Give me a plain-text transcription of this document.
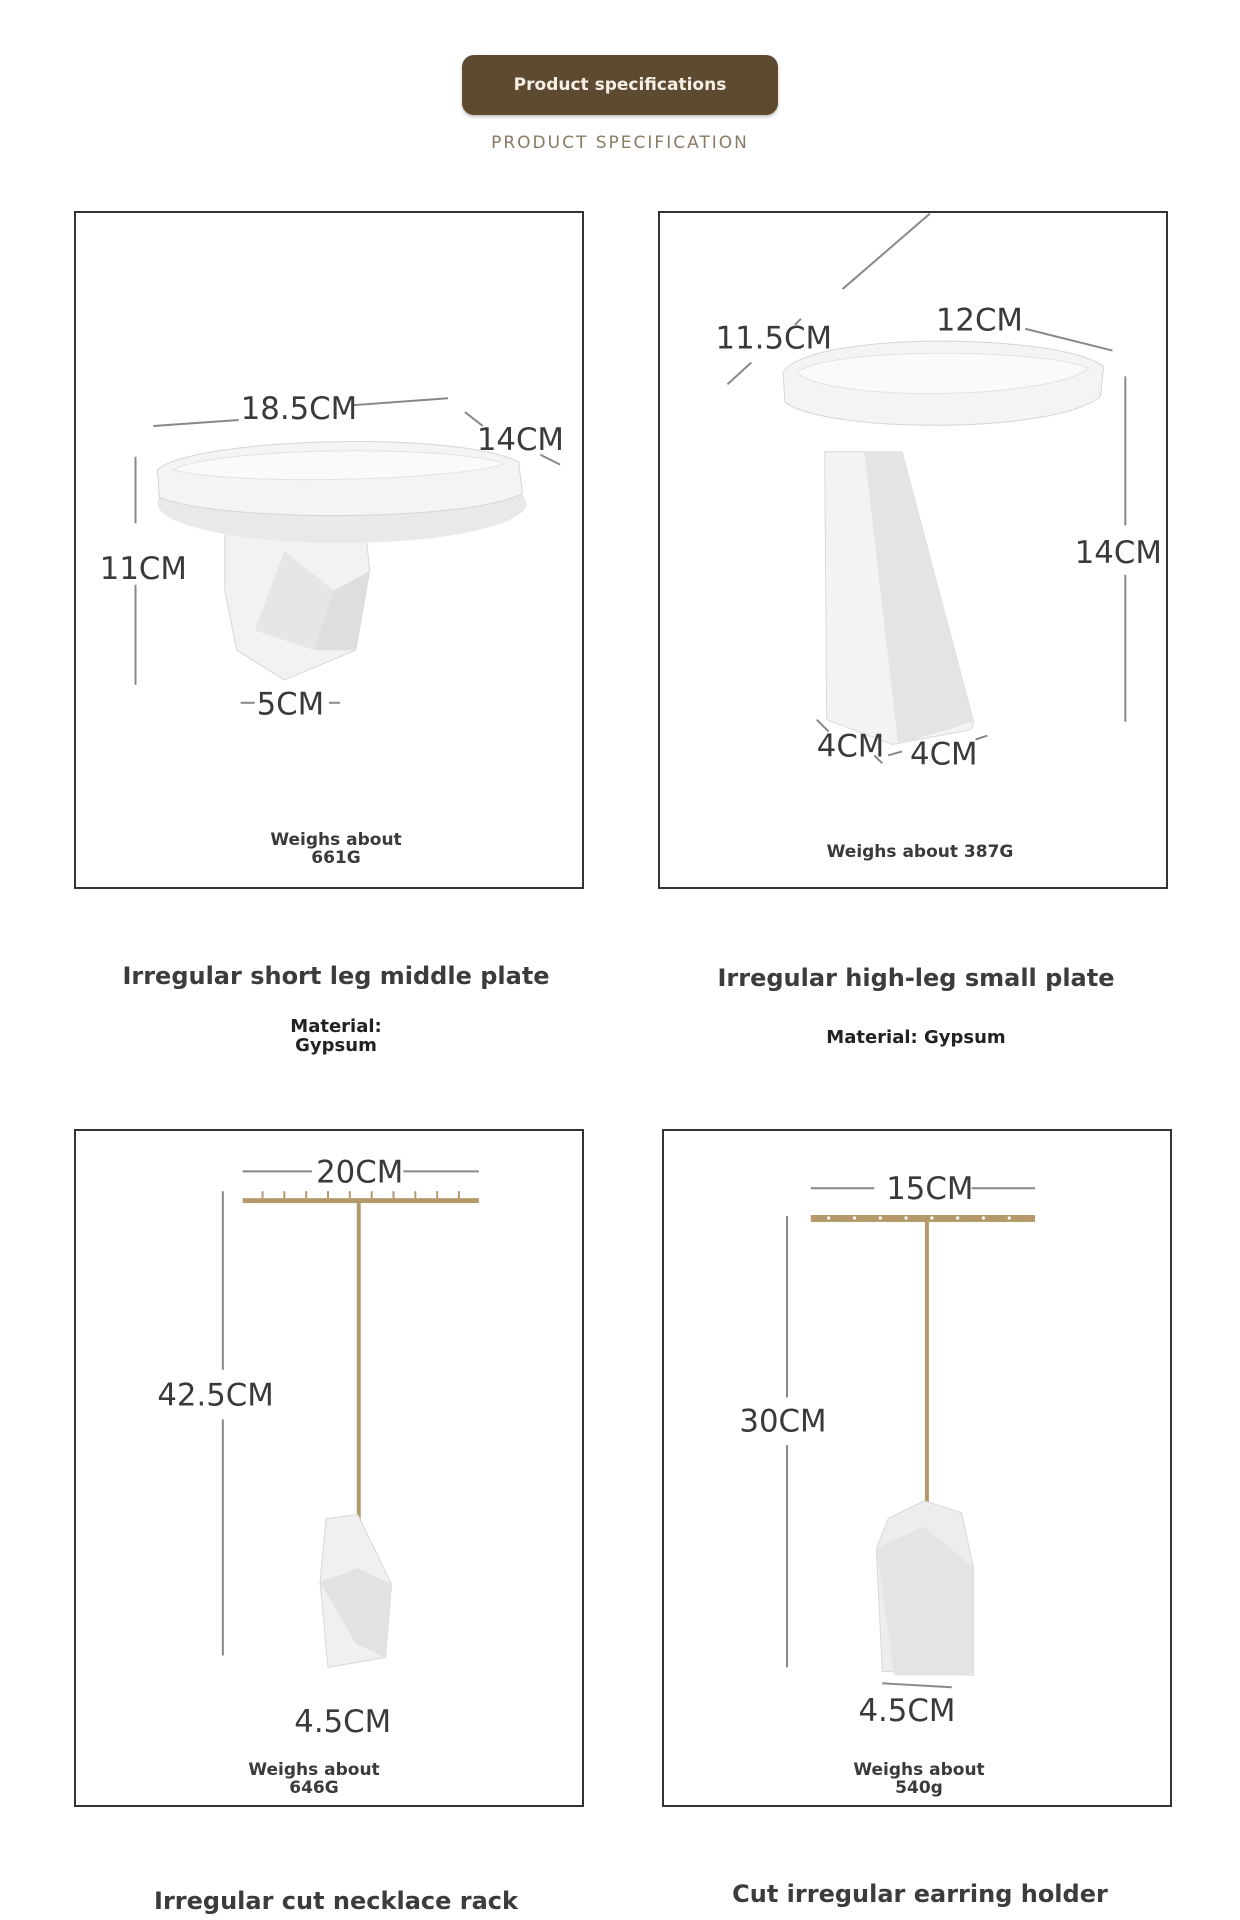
Product specifications
PRODUCT SPECIFICATION
18.5CM
14CM
11CM
5CM
Weighs about
661G
11.5CM	12CM
14CM
4CM 4CM
Weighs about 387G
20CM
42.5CM
4.5CM
Weighs about
646G
15CM
30CM
4.5CM
Weighs about
540g
Irregular short leg middle plate
Material:
Gypsum
Irregular high-leg small plate
Material: Gypsum
Irregular cut necklace rack	Cut irregular earring holder
